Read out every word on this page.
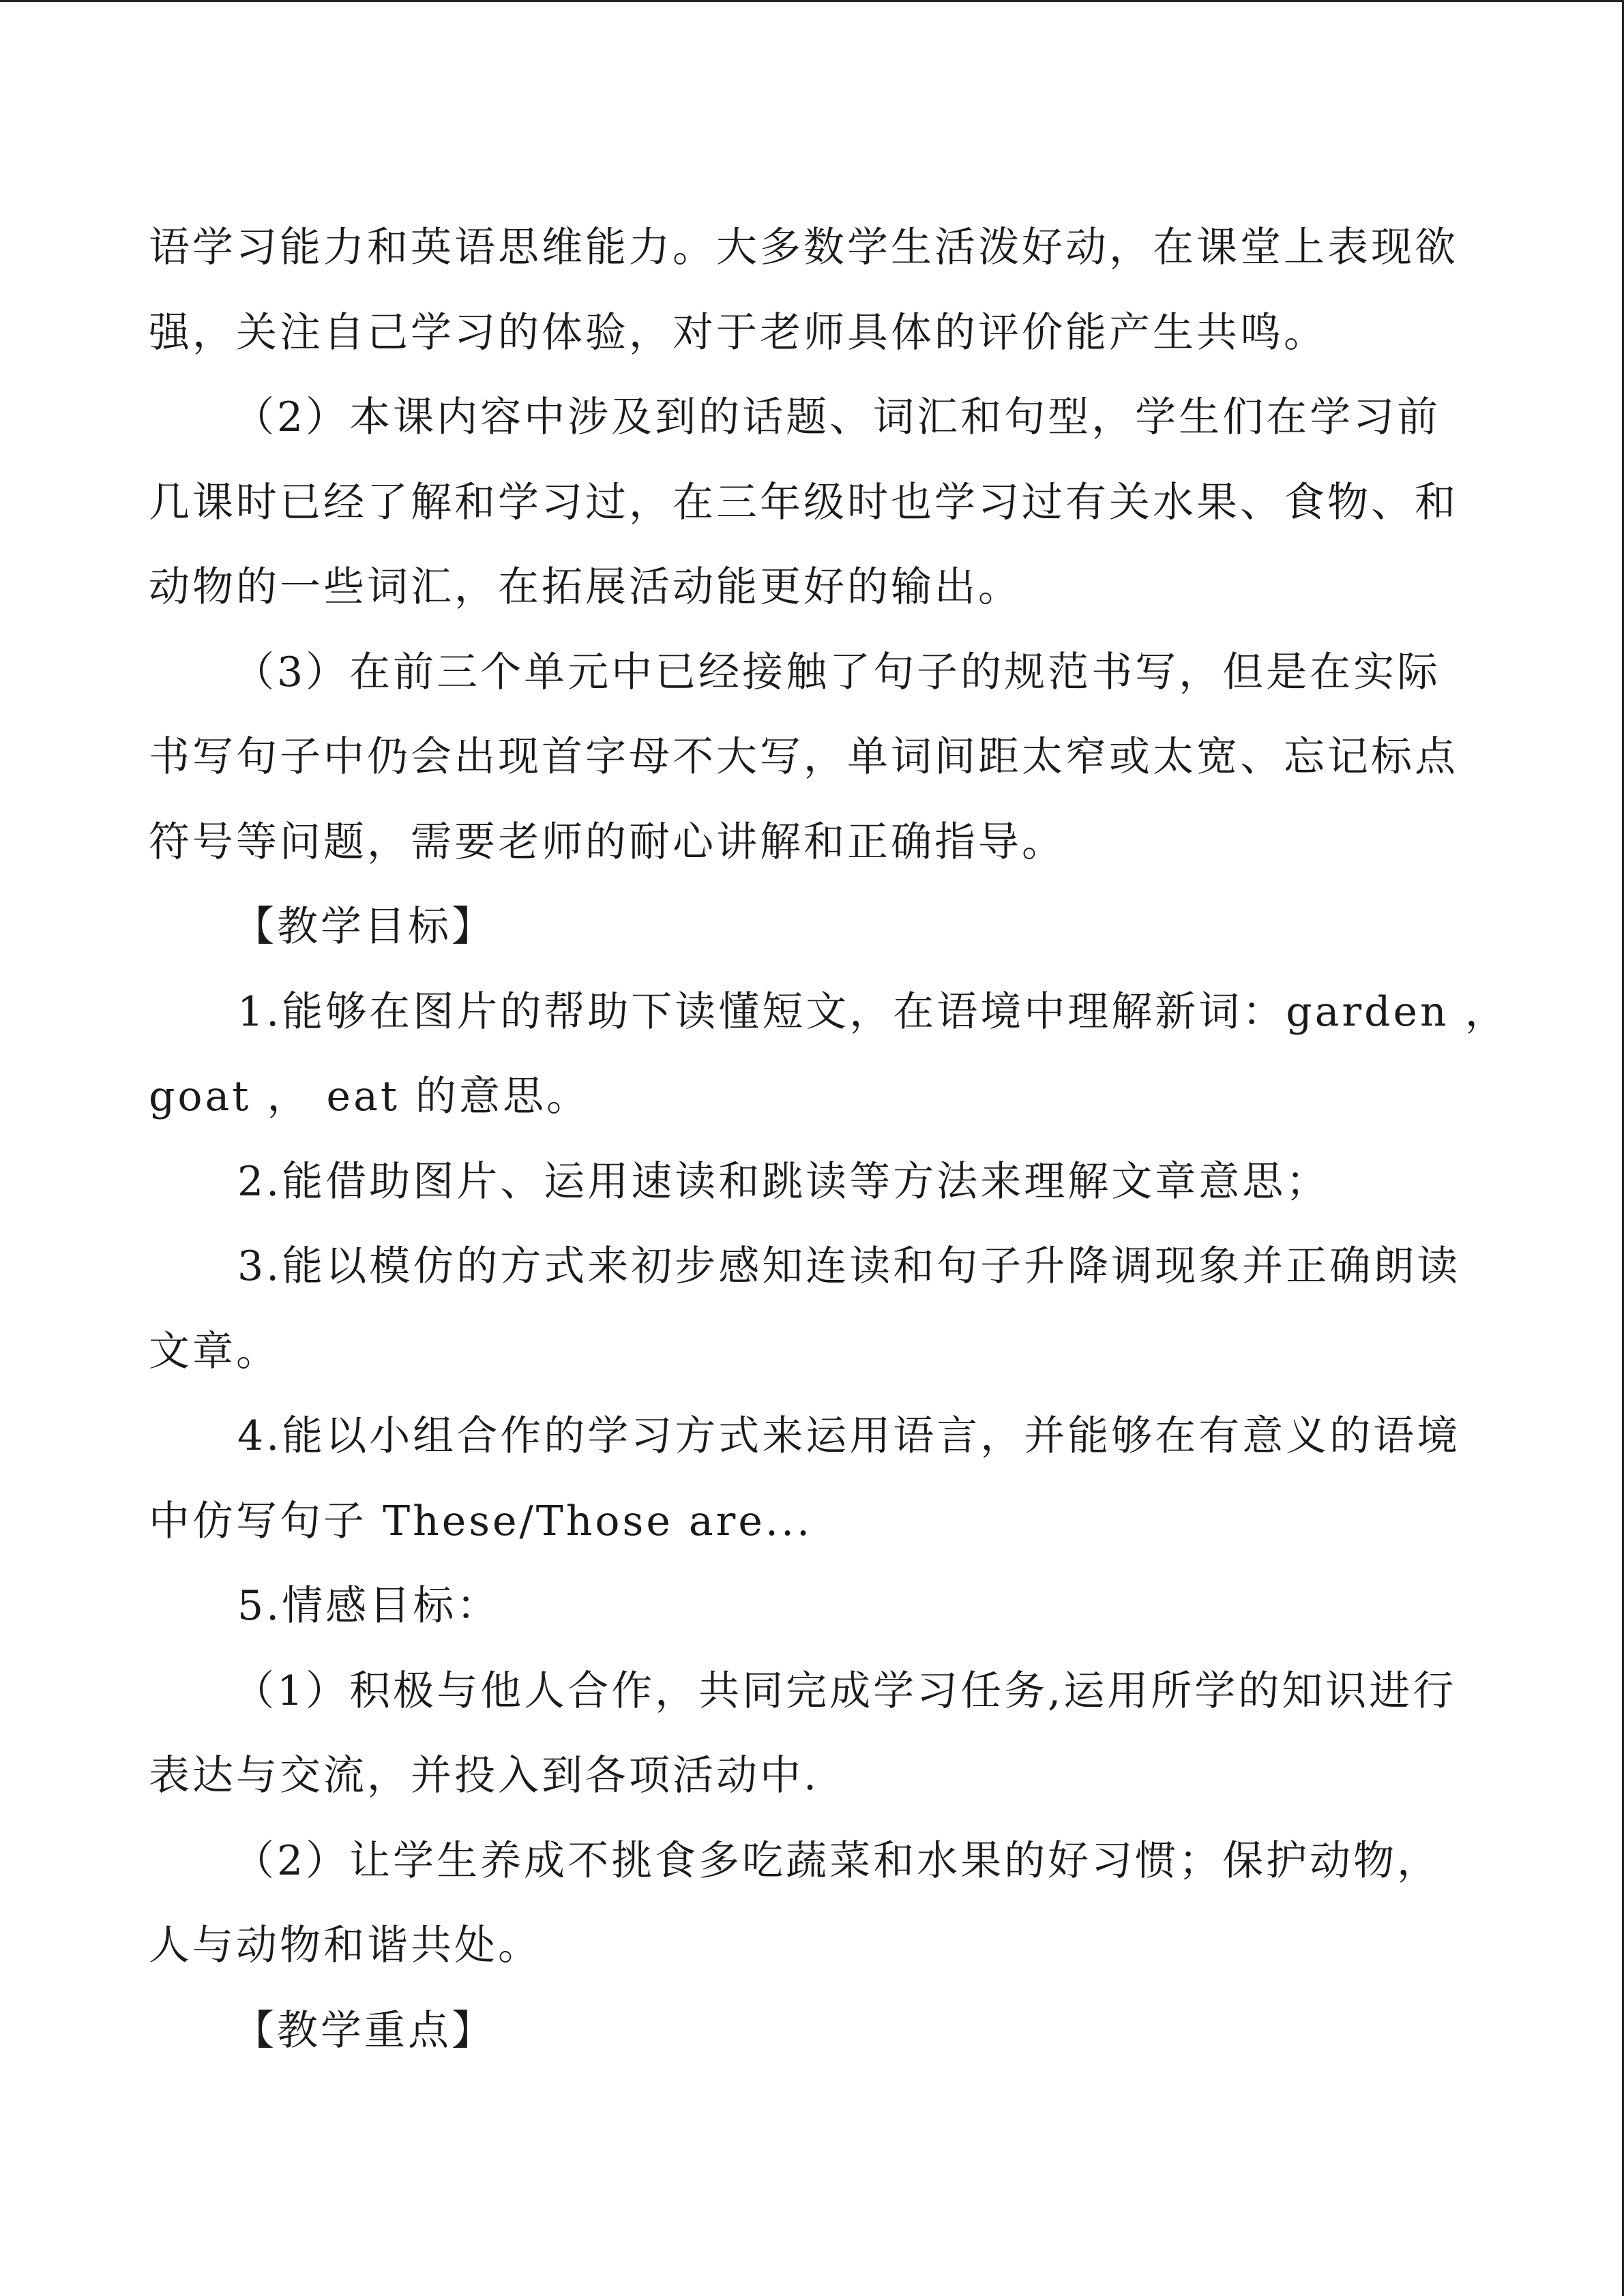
语学习能力和英语思维能力。大多数学生活泼好动，在课堂上表现欲
强，关注自己学习的体验，对于老师具体的评价能产生共鸣。
（2）本课内容中涉及到的话题、词汇和句型，学生们在学习前
几课时已经了解和学习过，在三年级时也学习过有关水果、食物、和
动物的一些词汇，在拓展活动能更好的输出。
（3）在前三个单元中已经接触了句子的规范书写，但是在实际
书写句子中仍会出现首字母不大写，单词间距太窄或太宽、忘记标点
符号等问题，需要老师的耐心讲解和正确指导。
【教学目标】
1.能够在图片的帮助下读懂短文，在语境中理解新词：garden ，
goat ， eat 的意思。
2.能借助图片、运用速读和跳读等方法来理解文章意思；
3.能以模仿的方式来初步感知连读和句子升降调现象并正确朗读
文章。
4.能以小组合作的学习方式来运用语言，并能够在有意义的语境
中仿写句子 These/Those are...
5.情感目标：
（1）积极与他人合作，共同完成学习任务,运用所学的知识进行
表达与交流，并投入到各项活动中.
（2）让学生养成不挑食多吃蔬菜和水果的好习惯；保护动物，
人与动物和谐共处。
【教学重点】
